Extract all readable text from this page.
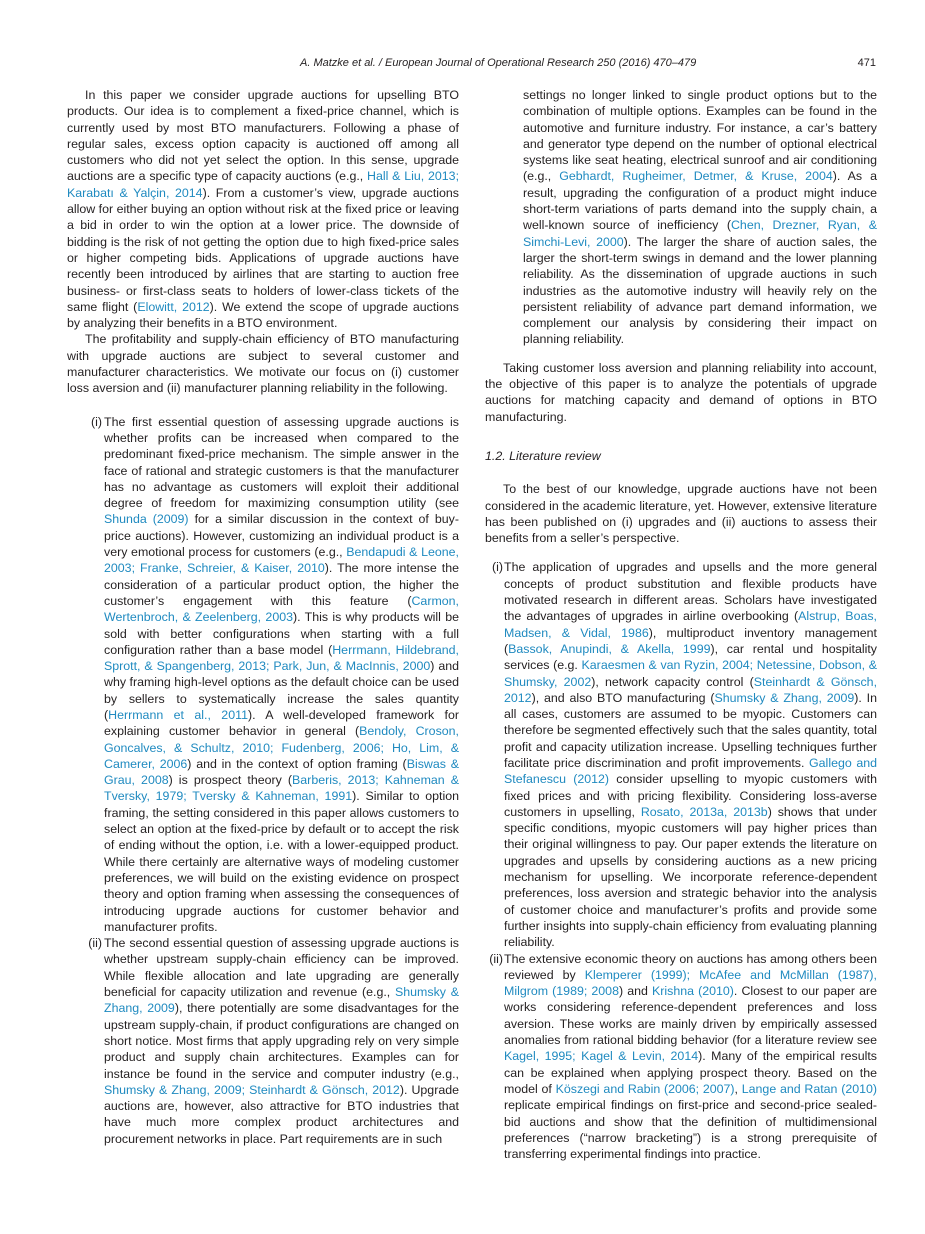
A. Matzke et al. / European Journal of Operational Research 250 (2016) 470–479	471

In this paper we consider upgrade auctions for upselling BTO products. Our idea is to complement a fixed-price channel, which is currently used by most BTO manufacturers. Following a phase of regular sales, excess option capacity is auctioned off among all customers who did not yet select the option. In this sense, upgrade auctions are a specific type of capacity auctions (e.g., Hall & Liu, 2013; Karabatı & Yalçin, 2014). From a customer’s view, upgrade auctions allow for either buying an option without risk at the fixed price or leaving a bid in order to win the option at a lower price. The downside of bidding is the risk of not getting the option due to high fixed-price sales or higher competing bids. Applications of upgrade auctions have recently been introduced by airlines that are starting to auction free business- or first-class seats to holders of lower-class tickets of the same flight (Elowitt, 2012). We extend the scope of upgrade auctions by analyzing their benefits in a BTO environment.

The profitability and supply-chain efficiency of BTO manufacturing with upgrade auctions are subject to several customer and manufacturer characteristics. We motivate our focus on (i) customer loss aversion and (ii) manufacturer planning reliability in the following.

(i) The first essential question of assessing upgrade auctions is whether profits can be increased when compared to the predominant fixed-price mechanism. The simple answer in the face of rational and strategic customers is that the manufacturer has no advantage as customers will exploit their additional degree of freedom for maximizing consumption utility (see Shunda (2009) for a similar discussion in the context of buy-price auctions). However, customizing an individual product is a very emotional process for customers (e.g., Bendapudi & Leone, 2003; Franke, Schreier, & Kaiser, 2010). The more intense the consideration of a particular product option, the higher the customer’s engagement with this feature (Carmon, Wertenbroch, & Zeelenberg, 2003). This is why products will be sold with better configurations when starting with a full configuration rather than a base model (Herrmann, Hildebrand, Sprott, & Spangenberg, 2013; Park, Jun, & MacInnis, 2000) and why framing high-level options as the default choice can be used by sellers to systematically increase the sales quantity (Herrmann et al., 2011). A well-developed framework for explaining customer behavior in general (Bendoly, Croson, Goncalves, & Schultz, 2010; Fudenberg, 2006; Ho, Lim, & Camerer, 2006) and in the context of option framing (Biswas & Grau, 2008) is prospect theory (Barberis, 2013; Kahneman & Tversky, 1979; Tversky & Kahneman, 1991). Similar to option framing, the setting considered in this paper allows customers to select an option at the fixed-price by default or to accept the risk of ending without the option, i.e. with a lower-equipped product. While there certainly are alternative ways of modeling customer preferences, we will build on the existing evidence on prospect theory and option framing when assessing the consequences of introducing upgrade auctions for customer behavior and manufacturer profits.
(ii) The second essential question of assessing upgrade auctions is whether upstream supply-chain efficiency can be improved. While flexible allocation and late upgrading are generally beneficial for capacity utilization and revenue (e.g., Shumsky & Zhang, 2009), there potentially are some disadvantages for the upstream supply-chain, if product configurations are changed on short notice. Most firms that apply upgrading rely on very simple product and supply chain architectures. Examples can for instance be found in the service and computer industry (e.g., Shumsky & Zhang, 2009; Steinhardt & Gönsch, 2012). Upgrade auctions are, however, also attractive for BTO industries that have much more complex product architectures and procurement networks in place. Part requirements are in such

settings no longer linked to single product options but to the combination of multiple options. Examples can be found in the automotive and furniture industry. For instance, a car’s battery and generator type depend on the number of optional electrical systems like seat heating, electrical sunroof and air conditioning (e.g., Gebhardt, Rugheimer, Detmer, & Kruse, 2004). As a result, upgrading the configuration of a product might induce short-term variations of parts demand into the supply chain, a well-known source of inefficiency (Chen, Drezner, Ryan, & Simchi-Levi, 2000). The larger the share of auction sales, the larger the short-term swings in demand and the lower planning reliability. As the dissemination of upgrade auctions in such industries as the automotive industry will heavily rely on the persistent reliability of advance part demand information, we complement our analysis by considering their impact on planning reliability.

Taking customer loss aversion and planning reliability into account, the objective of this paper is to analyze the potentials of upgrade auctions for matching capacity and demand of options in BTO manufacturing.

1.2. Literature review

To the best of our knowledge, upgrade auctions have not been considered in the academic literature, yet. However, extensive literature has been published on (i) upgrades and (ii) auctions to assess their benefits from a seller’s perspective.

(i) The application of upgrades and upsells and the more general concepts of product substitution and flexible products have motivated research in different areas. Scholars have investigated the advantages of upgrades in airline overbooking (Alstrup, Boas, Madsen, & Vidal, 1986), multiproduct inventory management (Bassok, Anupindi, & Akella, 1999), car rental und hospitality services (e.g. Karaesmen & van Ryzin, 2004; Netessine, Dobson, & Shumsky, 2002), network capacity control (Steinhardt & Gönsch, 2012), and also BTO manufacturing (Shumsky & Zhang, 2009). In all cases, customers are assumed to be myopic. Customers can therefore be segmented effectively such that the sales quantity, total profit and capacity utilization increase. Upselling techniques further facilitate price discrimination and profit improvements. Gallego and Stefanescu (2012) consider upselling to myopic customers with fixed prices and with pricing flexibility. Considering loss-averse customers in upselling, Rosato, 2013a, 2013b) shows that under specific conditions, myopic customers will pay higher prices than their original willingness to pay. Our paper extends the literature on upgrades and upsells by considering auctions as a new pricing mechanism for upselling. We incorporate reference-dependent preferences, loss aversion and strategic behavior into the analysis of customer choice and manufacturer’s profits and provide some further insights into supply-chain efficiency from evaluating planning reliability.
(ii) The extensive economic theory on auctions has among others been reviewed by Klemperer (1999); McAfee and McMillan (1987), Milgrom (1989; 2008) and Krishna (2010). Closest to our paper are works considering reference-dependent preferences and loss aversion. These works are mainly driven by empirically assessed anomalies from rational bidding behavior (for a literature review see Kagel, 1995; Kagel & Levin, 2014). Many of the empirical results can be explained when applying prospect theory. Based on the model of Köszegi and Rabin (2006; 2007), Lange and Ratan (2010) replicate empirical findings on first-price and second-price sealed-bid auctions and show that the definition of multidimensional preferences (“narrow bracketing”) is a strong prerequisite of transferring experimental findings into practice.
